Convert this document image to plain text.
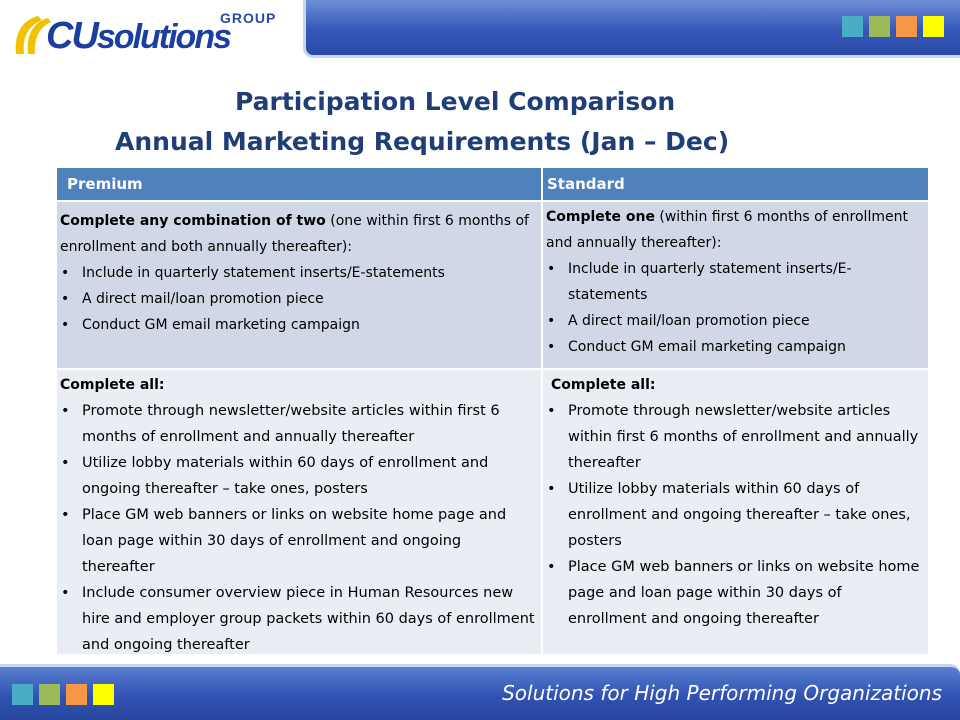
CUsolutions
GROUP
Participation Level Comparison
Annual Marketing Requirements (Jan – Dec)
Premium	Standard
Complete any combination of two (one within first 6 months of enrollment and both annually thereafter):
• Include in quarterly statement inserts/E-statements
• A direct mail/loan promotion piece
• Conduct GM email marketing campaign
Complete one (within first 6 months of enrollment and annually thereafter):
• Include in quarterly statement inserts/E-statements
• A direct mail/loan promotion piece
• Conduct GM email marketing campaign
Complete all:
• Promote through newsletter/website articles within first 6 months of enrollment and annually thereafter
• Utilize lobby materials within 60 days of enrollment and ongoing thereafter – take ones, posters
• Place GM web banners or links on website home page and loan page within 30 days of enrollment and ongoing thereafter
• Include consumer overview piece in Human Resources new hire and employer group packets within 60 days of enrollment and ongoing thereafter
Complete all:
• Promote through newsletter/website articles within first 6 months of enrollment and annually thereafter
• Utilize lobby materials within 60 days of enrollment and ongoing thereafter – take ones, posters
• Place GM web banners or links on website home page and loan page within 30 days of enrollment and ongoing thereafter
Solutions for High Performing Organizations
